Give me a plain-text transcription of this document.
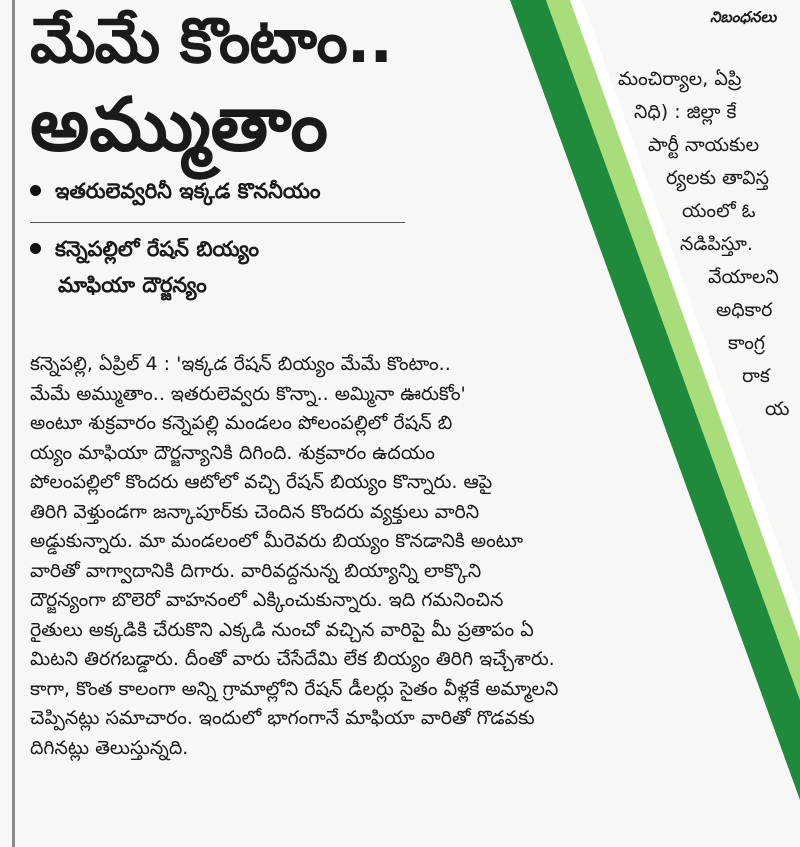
మేమే కొంటాం..
అమ్ముతాం
ఇతరులెవ్వరినీ ఇక్కడ కొననీయం
కన్నెపల్లిలో రేషన్ బియ్యం
మాఫియా దౌర్జన్యం

కన్నెపల్లి, ఏప్రిల్ 4 : 'ఇక్కడ రేషన్ బియ్యం మేమే కొంటాం..
మేమే అమ్ముతాం.. ఇతరులెవ్వరు కొన్నా.. అమ్మినా ఊరుకోం'
అంటూ శుక్రవారం కన్నెపల్లి మండలం పోలంపల్లిలో రేషన్ బి
య్యం మాఫియా దౌర్జన్యానికి దిగింది. శుక్రవారం ఉదయం
పోలంపల్లిలో కొందరు ఆటోలో వచ్చి రేషన్ బియ్యం కొన్నారు. ఆపై
తిరిగి వెళ్తుండగా జన్కాపూర్‌కు చెందిన కొందరు వ్యక్తులు వారిని
అడ్డుకున్నారు. మా మండలంలో మీరెవరు బియ్యం కొనడానికి అంటూ
వారితో వాగ్వాదానికి దిగారు. వారివద్దనున్న బియ్యాన్ని లాక్కొని
దౌర్జన్యంగా బొలెరో వాహనంలో ఎక్కించుకున్నారు. ఇది గమనించిన
రైతులు అక్కడికి చేరుకొని ఎక్కడి నుంచో వచ్చిన వారిపై మీ ప్రతాపం ఏ
మిటని తిరగబడ్డారు. దీంతో వారు చేసేదేమి లేక బియ్యం తిరిగి ఇచ్చేశారు.
కాగా, కొంత కాలంగా అన్ని గ్రామాల్లోని రేషన్ డీలర్లు సైతం వీళ్లకే అమ్మాలని
చెప్పినట్లు సమాచారం. ఇందులో భాగంగానే మాఫియా వారితో గొడవకు
దిగినట్లు తెలుస్తున్నది.

నిబంధనలు
మంచిర్యాల, ఏప్రి
నిధి) : జిల్లా కే
పార్టీ నాయకుల
ర్యలకు తావిస్త
యంలో ఓ
నడిపిస్తూ.
వేయాలని
అధికార
కాంగ్ర
రాక
య
